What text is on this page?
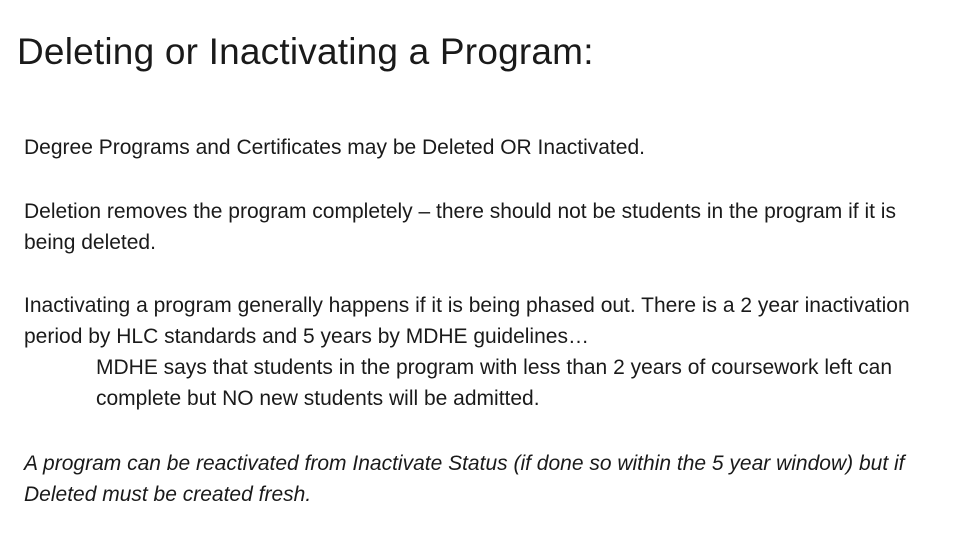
Deleting or Inactivating a Program:

Degree Programs and Certificates may be Deleted OR Inactivated.

Deletion removes the program completely – there should not be students in the program if it is being deleted.

Inactivating a program generally happens if it is being phased out. There is a 2 year inactivation period by HLC standards and 5 years by MDHE guidelines…
MDHE says that students in the program with less than 2 years of coursework left can complete but NO new students will be admitted.

A program can be reactivated from Inactivate Status (if done so within the 5 year window) but if Deleted must be created fresh.
